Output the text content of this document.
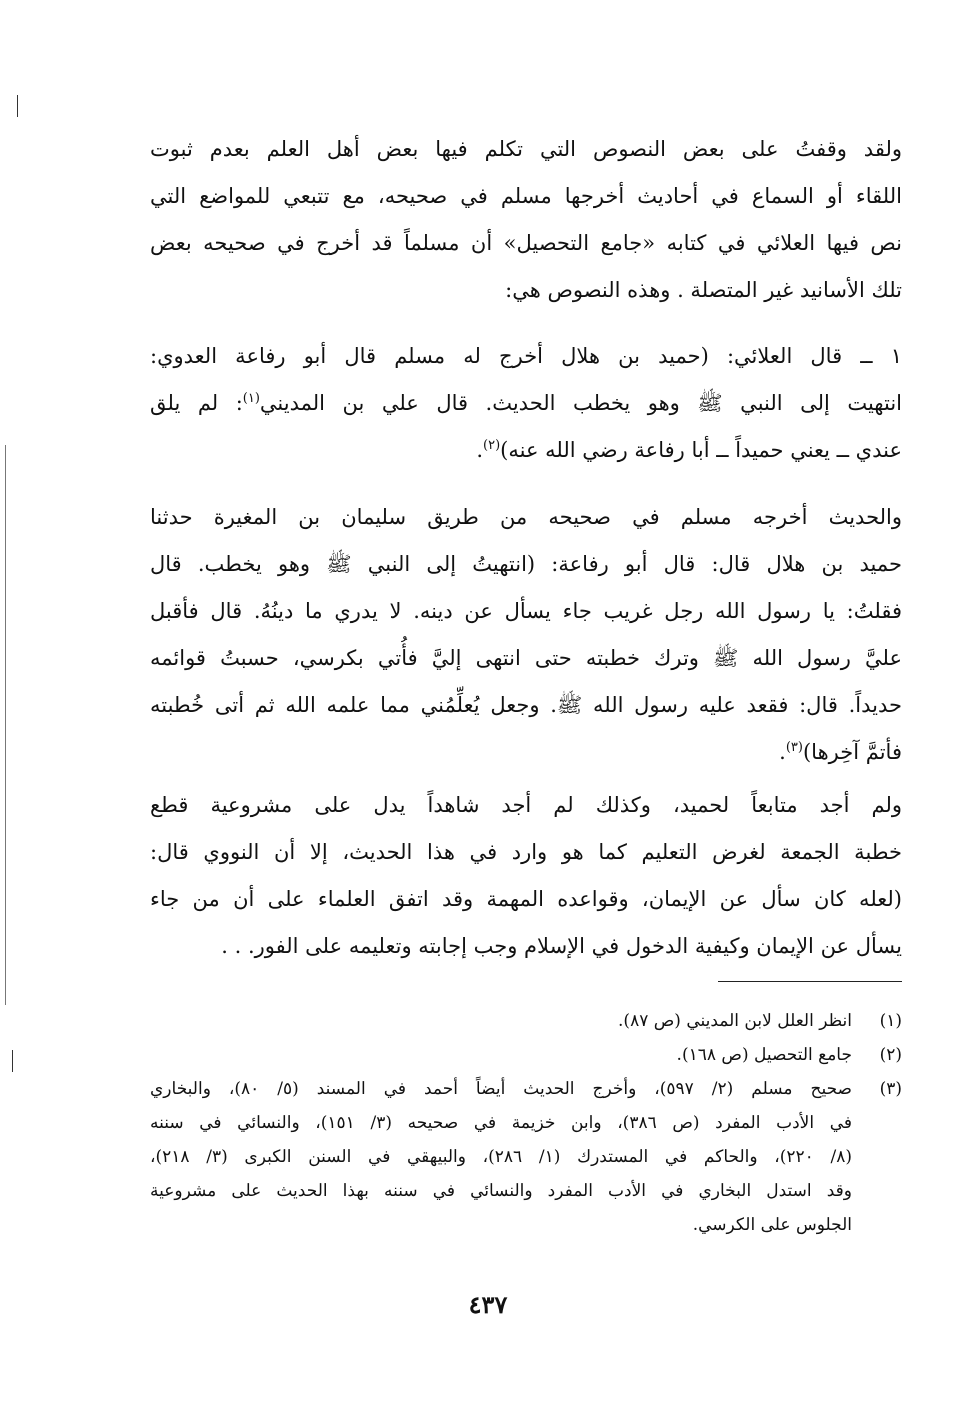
ولقد وقفتُ على بعض النصوص التي تكلم فيها بعض أهل العلم بعدم ثبوت
اللقاء أو السماع في أحاديث أخرجها مسلم في صحيحه، مع تتبعي للمواضع التي
نص فيها العلائي في كتابه «جامع التحصيل» أن مسلماً قد أخرج في صحيحه بعض
تلك الأسانيد غير المتصلة . وهذه النصوص هي:
١ ــ قال العلائي: (حميد بن هلال أخرج له مسلم قال أبو رفاعة العدوي:
انتهيت إلى النبي ﷺ وهو يخطب الحديث. قال علي بن المديني$^{(١)}$: لم يلق
عندي ــ يعني حميداً ــ أبا رفاعة رضي الله عنه)$^{(٢)}$.
والحديث أخرجه مسلم في صحيحه من طريق سليمان بن المغيرة حدثنا
حميد بن هلال قال: قال أبو رفاعة: (انتهيتُ إلى النبي ﷺ وهو يخطب. قال
فقلتُ: يا رسول الله رجل غريب جاء يسأل عن دينه. لا يدري ما دينُهُ. قال فأقبل
عليَّ رسول الله ﷺ وترك خطبته حتى انتهى إليَّ فأُتي بكرسي، حسبتُ قوائمه
حديداً. قال: فقعد عليه رسول الله ﷺ. وجعل يُعلِّمُني مما علمه الله ثم أتى خُطبته
فأتمَّ آخِرها)$^{(٣)}$.
ولم أجد متابعاً لحميد، وكذلك لم أجد شاهداً يدل على مشروعية قطع
خطبة الجمعة لغرض التعليم كما هو وارد في هذا الحديث، إلا أن النووي قال:
(لعله كان سأل عن الإيمان، وقواعده المهمة وقد اتفق العلماء على أن من جاء
يسأل عن الإيمان وكيفية الدخول في الإسلام وجب إجابته وتعليمه على الفور. . .
(١)
انظر العلل لابن المديني (ص ٨٧).
(٢)
جامع التحصيل (ص ١٦٨).
(٣)
صحيح مسلم (٢/ ٥٩٧)، وأخرج الحديث أيضاً أحمد في المسند (٥/ ٨٠)، والبخاري
في الأدب المفرد (ص ٣٨٦)، وابن خزيمة في صحيحه (٣/ ١٥١)، والنسائي في سننه
(٨/ ٢٢٠)، والحاكم في المستدرك (١/ ٢٨٦)، والبيهقي في السنن الكبرى (٣/ ٢١٨)،
وقد استدل البخاري في الأدب المفرد والنسائي في سننه بهذا الحديث على مشروعية
الجلوس على الكرسي.
٤٣٧
